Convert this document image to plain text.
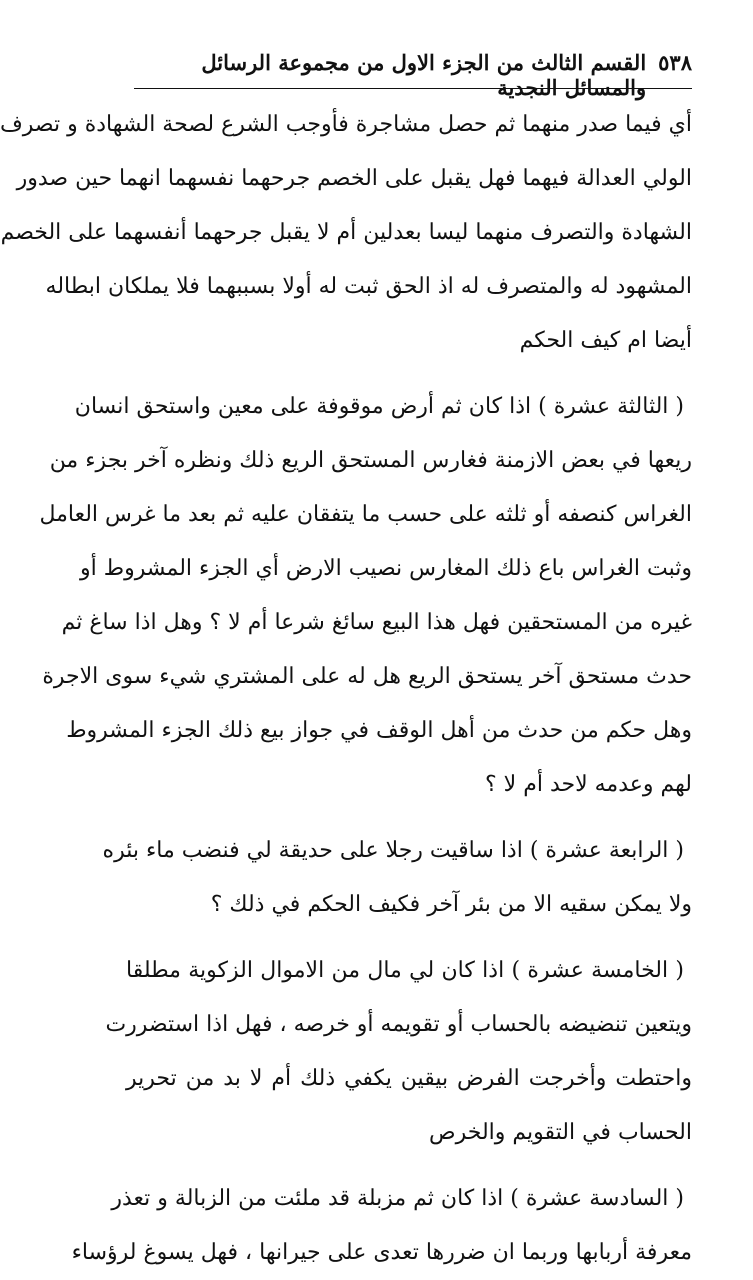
٥٣٨
القسم الثالث من الجزء الاول من مجموعة الرسائل والمسائل النجدية
أي فيما صدر منهما ثم حصل مشاجرة فأوجب الشرع لصحة الشهادة و تصرف
الولي العدالة فيهما فهل يقبل على الخصم جرحهما نفسهما انهما حين صدور
الشهادة والتصرف منهما ليسا بعدلين أم لا يقبل جرحهما أنفسهما على الخصم
المشهود له والمتصرف له اذ الحق ثبت له أولا بسببهما فلا يملكان ابطاله
أيضا ام كيف الحكم
( الثالثة عشرة ) اذا كان ثم أرض موقوفة على معين واستحق انسان
ريعها في بعض الازمنة فغارس المستحق الريع ذلك ونظره آخر بجزء من
الغراس كنصفه أو ثلثه على حسب ما يتفقان عليه ثم بعد ما غرس العامل
وثبت الغراس باع ذلك المغارس نصيب الارض أي الجزء المشروط أو
غيره من المستحقين فهل هذا البيع سائغ شرعا أم لا ؟ وهل اذا ساغ ثم
حدث مستحق آخر يستحق الريع هل له على المشتري شيء سوى الاجرة
وهل حكم من حدث من أهل الوقف في جواز بيع ذلك الجزء المشروط
لهم وعدمه لاحد أم لا ؟
( الرابعة عشرة ) اذا ساقيت رجلا على حديقة لي فنضب ماء بئره
ولا يمكن سقيه الا من بئر آخر فكيف الحكم في ذلك ؟
( الخامسة عشرة ) اذا كان لي مال من الاموال الزكوية مطلقا
ويتعين تنضيضه بالحساب أو تقويمه أو خرصه ، فهل اذا استضررت
واحتطت وأخرجت الفرض بيقين يكفي ذلك أم لا بد من تحرير
الحساب في التقويم والخرص
( السادسة عشرة ) اذا كان ثم مزبلة قد ملئت من الزبالة و تعذر
معرفة أربابها وربما ان ضررها تعدى على جيرانها ، فهل يسوغ لرؤساء
